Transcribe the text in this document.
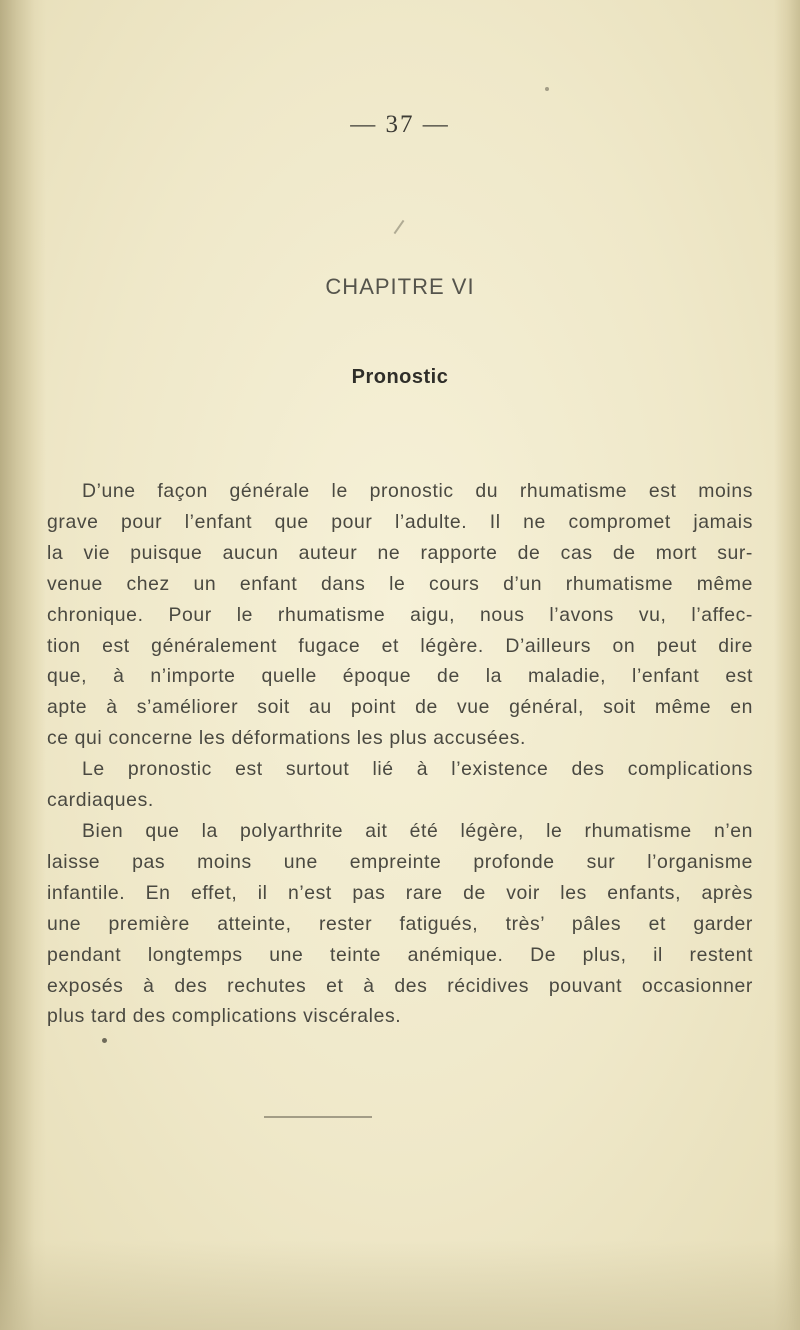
— 37 —
CHAPITRE VI
Pronostic
D’une façon générale le pronostic du rhumatisme est moins
grave pour l’enfant que pour l’adulte. Il ne compromet jamais
la vie puisque aucun auteur ne rapporte de cas de mort sur-
venue chez un enfant dans le cours d’un rhumatisme même
chronique. Pour le rhumatisme aigu, nous l’avons vu, l’affec-
tion est généralement fugace et légère. D’ailleurs on peut dire
que, à n’importe quelle époque de la maladie, l’enfant est
apte à s’améliorer soit au point de vue général, soit même en
ce qui concerne les déformations les plus accusées.
Le pronostic est surtout lié à l’existence des complications
cardiaques.
Bien que la polyarthrite ait été légère, le rhumatisme n’en
laisse pas moins une empreinte profonde sur l’organisme
infantile. En effet, il n’est pas rare de voir les enfants, après
une première atteinte, rester fatigués, très’ pâles et garder
pendant longtemps une teinte anémique. De plus, il restent
exposés à des rechutes et à des récidives pouvant occasionner
plus tard des complications viscérales.
